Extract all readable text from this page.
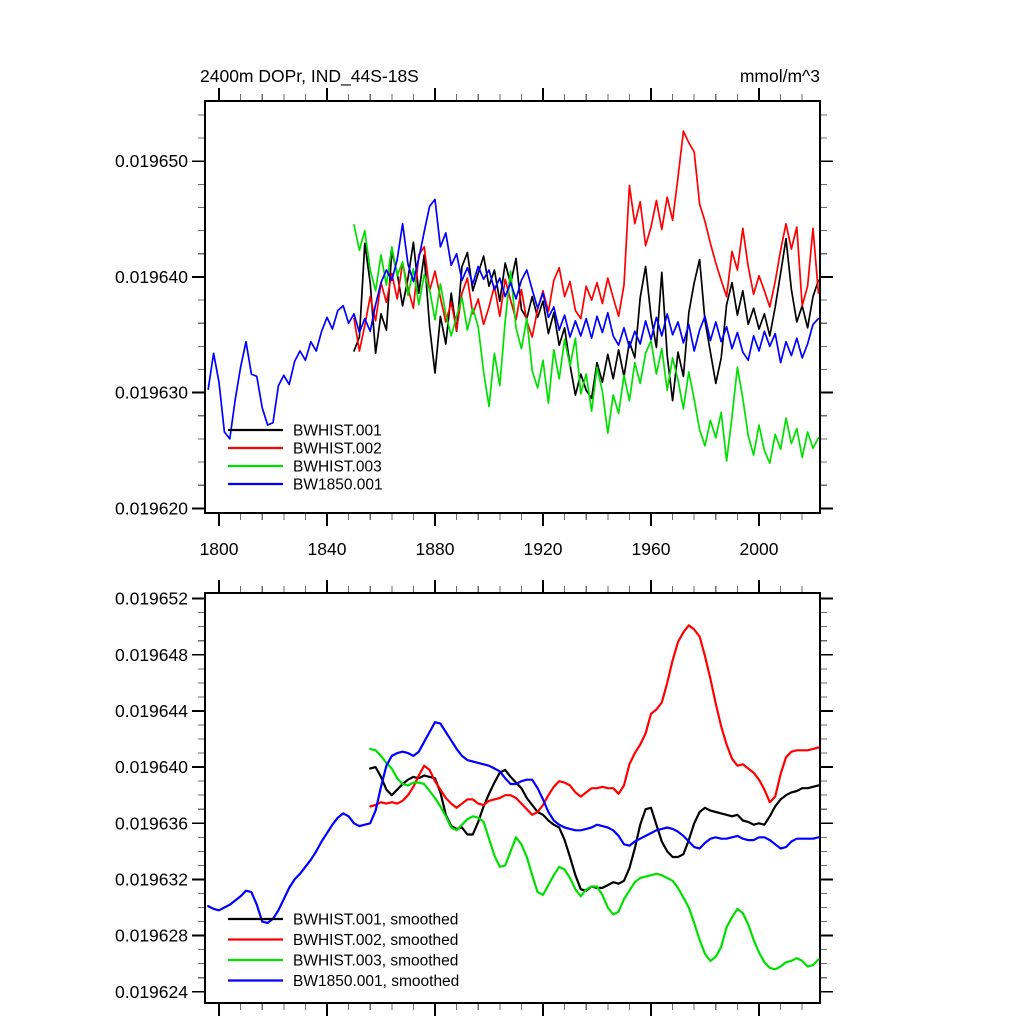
1800	1840	1880	1920	1960	2000
0.019620
0.019630
0.019640
0.019650
BWHIST.001
BWHIST.002
BWHIST.003
BW1850.001
2400m DOPr, IND_44S-18S	mmol/m^3
0.019624
0.019628
0.019632
0.019636
0.019640
0.019644
0.019648
0.019652
BWHIST.001, smoothed
BWHIST.002, smoothed
BWHIST.003, smoothed
BW1850.001, smoothed
